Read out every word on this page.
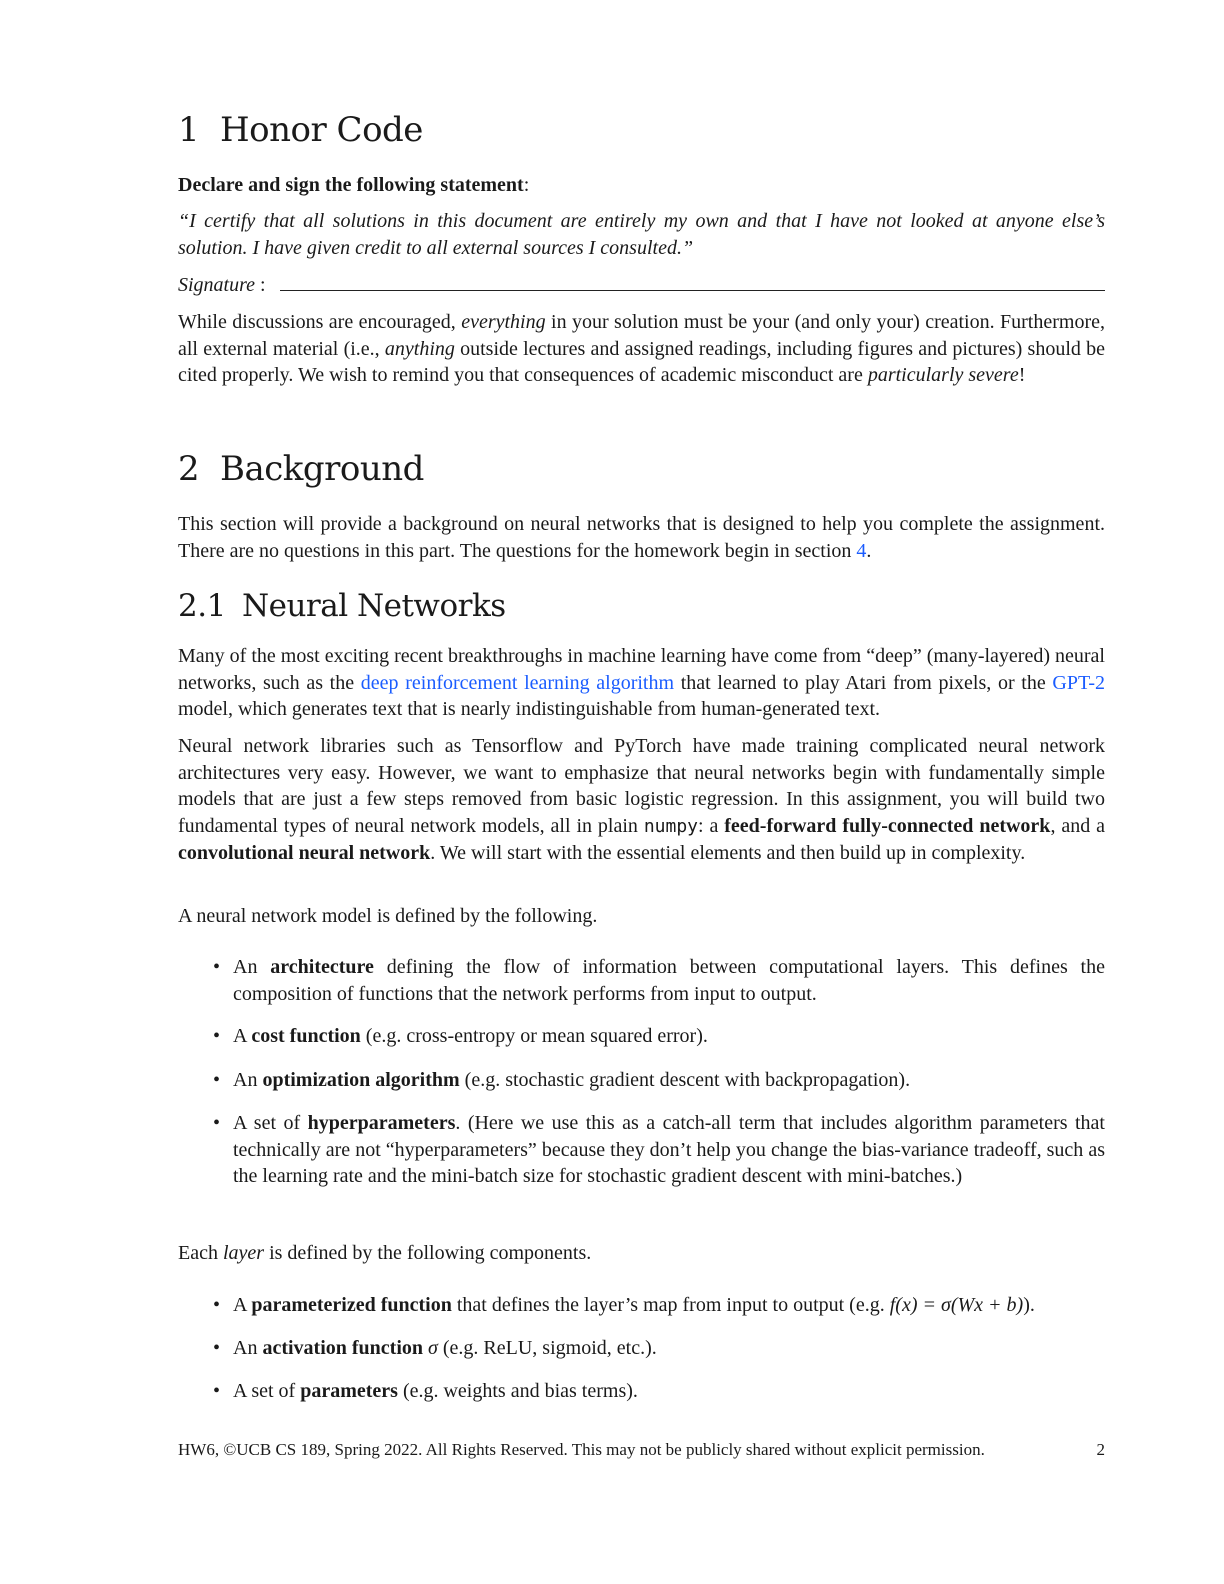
1 Honor Code
Declare and sign the following statement:

“I certify that all solutions in this document are entirely my own and that I have not looked at anyone else’s solution. I have given credit to all external sources I consulted.”

Signature :

While discussions are encouraged, everything in your solution must be your (and only your) creation. Furthermore, all external material (i.e., anything outside lectures and assigned readings, including figures and pictures) should be cited properly. We wish to remind you that consequences of academic misconduct are particularly severe!

2 Background

This section will provide a background on neural networks that is designed to help you complete the assignment. There are no questions in this part. The questions for the homework begin in section 4.

2.1 Neural Networks

Many of the most exciting recent breakthroughs in machine learning have come from “deep” (many-layered) neural networks, such as the deep reinforcement learning algorithm that learned to play Atari from pixels, or the GPT-2 model, which generates text that is nearly indistinguishable from human-generated text.

Neural network libraries such as Tensorflow and PyTorch have made training complicated neural network architectures very easy. However, we want to emphasize that neural networks begin with fundamentally simple models that are just a few steps removed from basic logistic regression. In this assignment, you will build two fundamental types of neural network models, all in plain numpy: a feed-forward fully-connected network, and a convolutional neural network. We will start with the essential elements and then build up in complexity.

A neural network model is defined by the following.

• An architecture defining the flow of information between computational layers. This defines the composition of functions that the network performs from input to output.
• A cost function (e.g. cross-entropy or mean squared error).
• An optimization algorithm (e.g. stochastic gradient descent with backpropagation).
• A set of hyperparameters. (Here we use this as a catch-all term that includes algorithm parameters that technically are not “hyperparameters” because they don’t help you change the bias-variance tradeoff, such as the learning rate and the mini-batch size for stochastic gradient descent with mini-batches.)

Each layer is defined by the following components.

• A parameterized function that defines the layer’s map from input to output (e.g. f(x) = σ(Wx + b)).
• An activation function σ (e.g. ReLU, sigmoid, etc.).
• A set of parameters (e.g. weights and bias terms).
HW6, ©UCB CS 189, Spring 2022. All Rights Reserved. This may not be publicly shared without explicit permission.	2
